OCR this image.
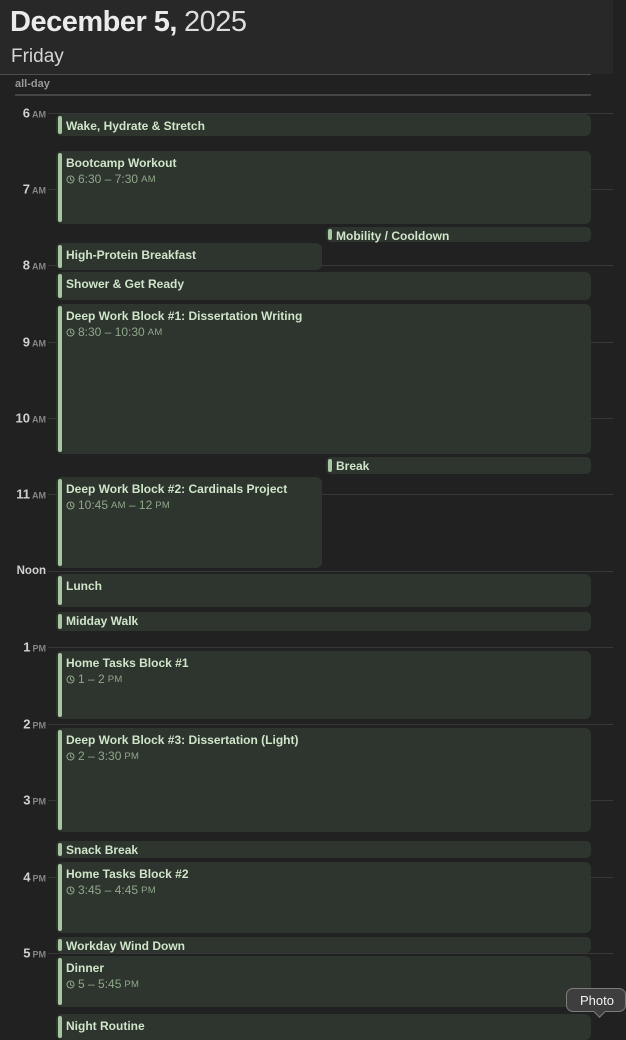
December 5, 2025
Friday
all-day
6 AM
7 AM
8 AM
9 AM
10 AM
11 AM
Noon
1 PM
2 PM
3 PM
4 PM
5 PM
Wake, Hydrate & Stretch
Bootcamp Workout
6:30 – 7:30 AM
Mobility / Cooldown
High-Protein Breakfast
Shower & Get Ready
Deep Work Block #1: Dissertation Writing
8:30 – 10:30 AM
Break
Deep Work Block #2: Cardinals Project
10:45 AM – 12 PM
Lunch
Midday Walk
Home Tasks Block #1
1 – 2 PM
Deep Work Block #3: Dissertation (Light)
2 – 3:30 PM
Snack Break
Home Tasks Block #2
3:45 – 4:45 PM
Workday Wind Down
Dinner
5 – 5:45 PM
Night Routine
Photo
